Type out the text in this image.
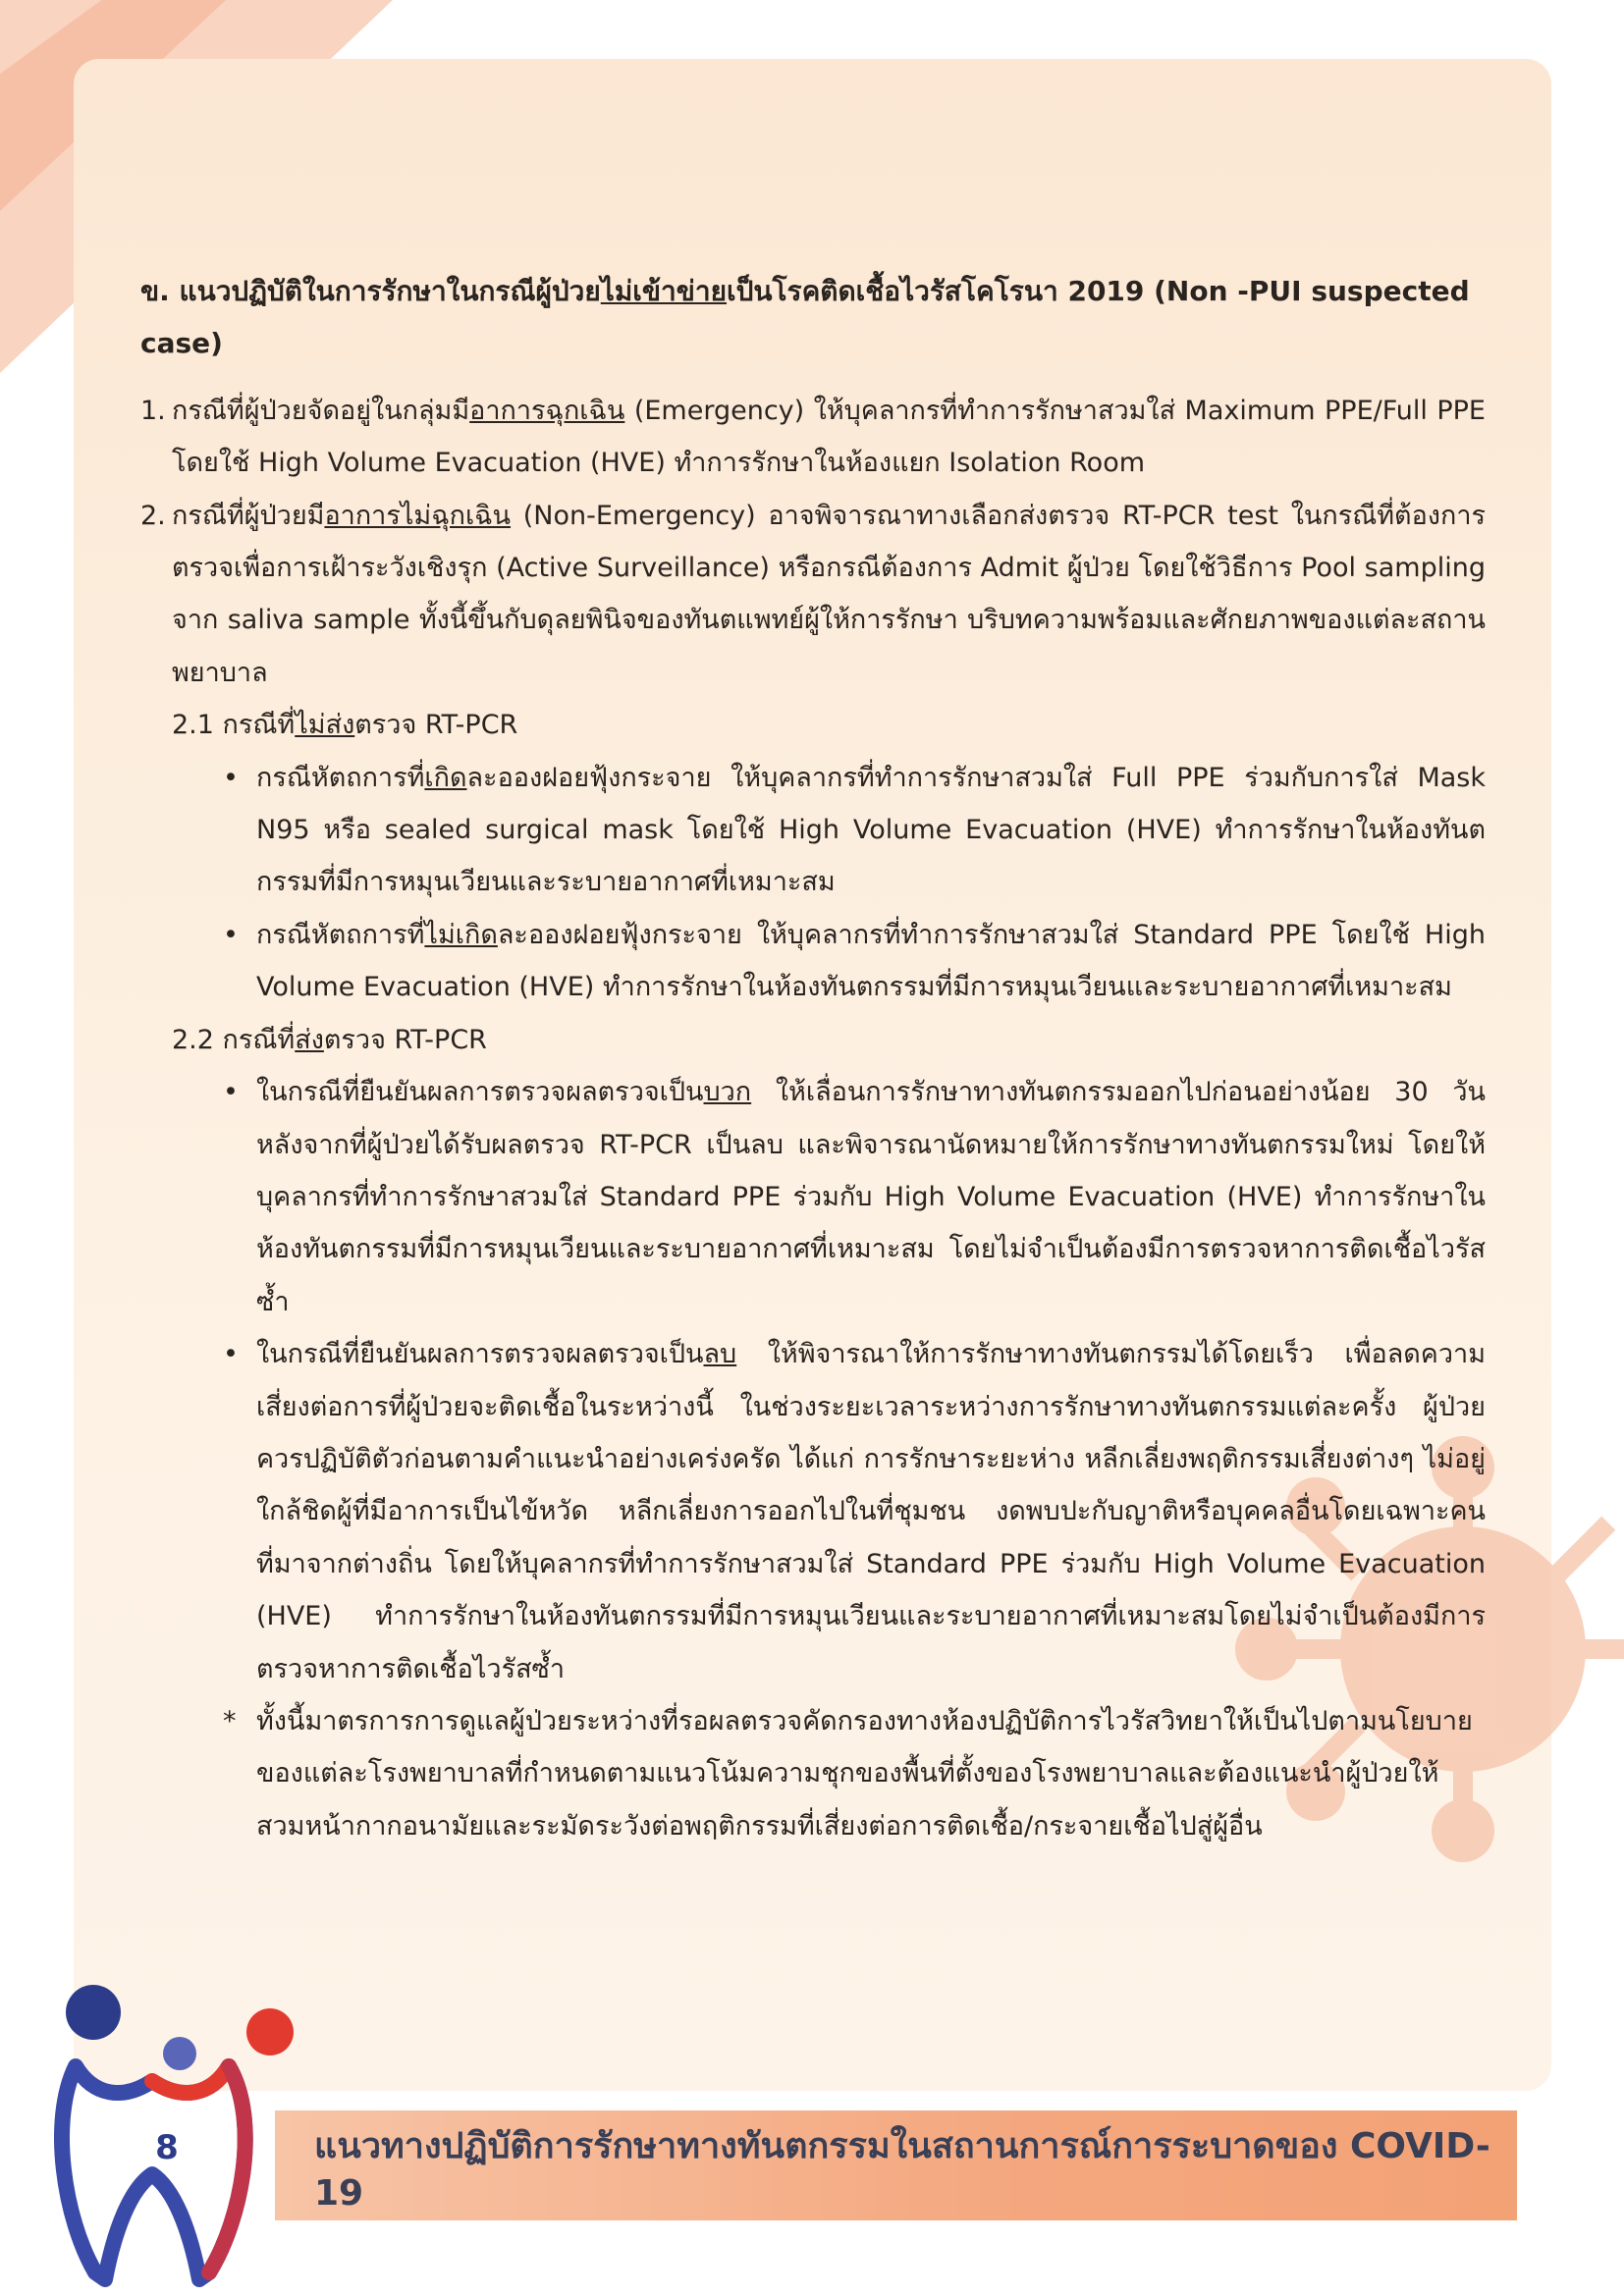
ข. แนวปฏิบัติในการรักษาในกรณีผู้ป่วยไม่เข้าข่ายเป็นโรคติดเชื้อไวรัสโคโรนา 2019 (Non -PUI suspected case)
1. กรณีที่ผู้ป่วยจัดอยู่ในกลุ่มมีอาการฉุกเฉิน (Emergency) ให้บุคลากรที่ทำการรักษาสวมใส่ Maximum PPE/Full PPE โดยใช้ High Volume Evacuation (HVE) ทำการรักษาในห้องแยก Isolation Room
2. กรณีที่ผู้ป่วยมีอาการไม่ฉุกเฉิน (Non-Emergency) อาจพิจารณาทางเลือกส่งตรวจ RT-PCR test ในกรณีที่ต้องการตรวจเพื่อการเฝ้าระวังเชิงรุก (Active Surveillance) หรือกรณีต้องการ Admit ผู้ป่วย โดยใช้วิธีการ Pool sampling จาก saliva sample ทั้งนี้ขึ้นกับดุลยพินิจของทันตแพทย์ผู้ให้การรักษา บริบทความพร้อมและศักยภาพของแต่ละสถานพยาบาล
2.1 กรณีที่ไม่ส่งตรวจ RT-PCR
• กรณีหัตถการที่เกิดละอองฝอยฟุ้งกระจาย ให้บุคลากรที่ทำการรักษาสวมใส่ Full PPE ร่วมกับการใส่ Mask N95 หรือ sealed surgical mask โดยใช้ High Volume Evacuation (HVE) ทำการรักษาในห้องทันตกรรมที่มีการหมุนเวียนและระบายอากาศที่เหมาะสม
• กรณีหัตถการที่ไม่เกิดละอองฝอยฟุ้งกระจาย ให้บุคลากรที่ทำการรักษาสวมใส่ Standard PPE โดยใช้ High Volume Evacuation (HVE) ทำการรักษาในห้องทันตกรรมที่มีการหมุนเวียนและระบายอากาศที่เหมาะสม
2.2 กรณีที่ส่งตรวจ RT-PCR
• ในกรณีที่ยืนยันผลการตรวจผลตรวจเป็นบวก ให้เลื่อนการรักษาทางทันตกรรมออกไปก่อนอย่างน้อย 30 วัน หลังจากที่ผู้ป่วยได้รับผลตรวจ RT-PCR เป็นลบ และพิจารณานัดหมายให้การรักษาทางทันตกรรมใหม่ โดยให้บุคลากรที่ทำการรักษาสวมใส่ Standard PPE ร่วมกับ High Volume Evacuation (HVE) ทำการรักษาในห้องทันตกรรมที่มีการหมุนเวียนและระบายอากาศที่เหมาะสม โดยไม่จำเป็นต้องมีการตรวจหาการติดเชื้อไวรัสซ้ำ
• ในกรณีที่ยืนยันผลการตรวจผลตรวจเป็นลบ ให้พิจารณาให้การรักษาทางทันตกรรมได้โดยเร็ว เพื่อลดความเสี่ยงต่อการที่ผู้ป่วยจะติดเชื้อในระหว่างนี้ ในช่วงระยะเวลาระหว่างการรักษาทางทันตกรรมแต่ละครั้ง ผู้ป่วยควรปฏิบัติตัวก่อนตามคำแนะนำอย่างเคร่งครัด ได้แก่ การรักษาระยะห่าง หลีกเลี่ยงพฤติกรรมเสี่ยงต่างๆ ไม่อยู่ใกล้ชิดผู้ที่มีอาการเป็นไข้หวัด หลีกเลี่ยงการออกไปในที่ชุมชน งดพบปะกับญาติหรือบุคคลอื่นโดยเฉพาะคนที่มาจากต่างถิ่น โดยให้บุคลากรที่ทำการรักษาสวมใส่ Standard PPE ร่วมกับ High Volume Evacuation (HVE) ทำการรักษาในห้องทันตกรรมที่มีการหมุนเวียนและระบายอากาศที่เหมาะสมโดยไม่จำเป็นต้องมีการตรวจหาการติดเชื้อไวรัสซ้ำ
* ทั้งนี้มาตรการการดูแลผู้ป่วยระหว่างที่รอผลตรวจคัดกรองทางห้องปฏิบัติการไวรัสวิทยาให้เป็นไปตามนโยบายของแต่ละโรงพยาบาลที่กำหนดตามแนวโน้มความชุกของพื้นที่ตั้งของโรงพยาบาลและต้องแนะนำผู้ป่วยให้สวมหน้ากากอนามัยและระมัดระวังต่อพฤติกรรมที่เสี่ยงต่อการติดเชื้อ/กระจายเชื้อไปสู่ผู้อื่น
แนวทางปฏิบัติการรักษาทางทันตกรรมในสถานการณ์การระบาดของ COVID-19
8
